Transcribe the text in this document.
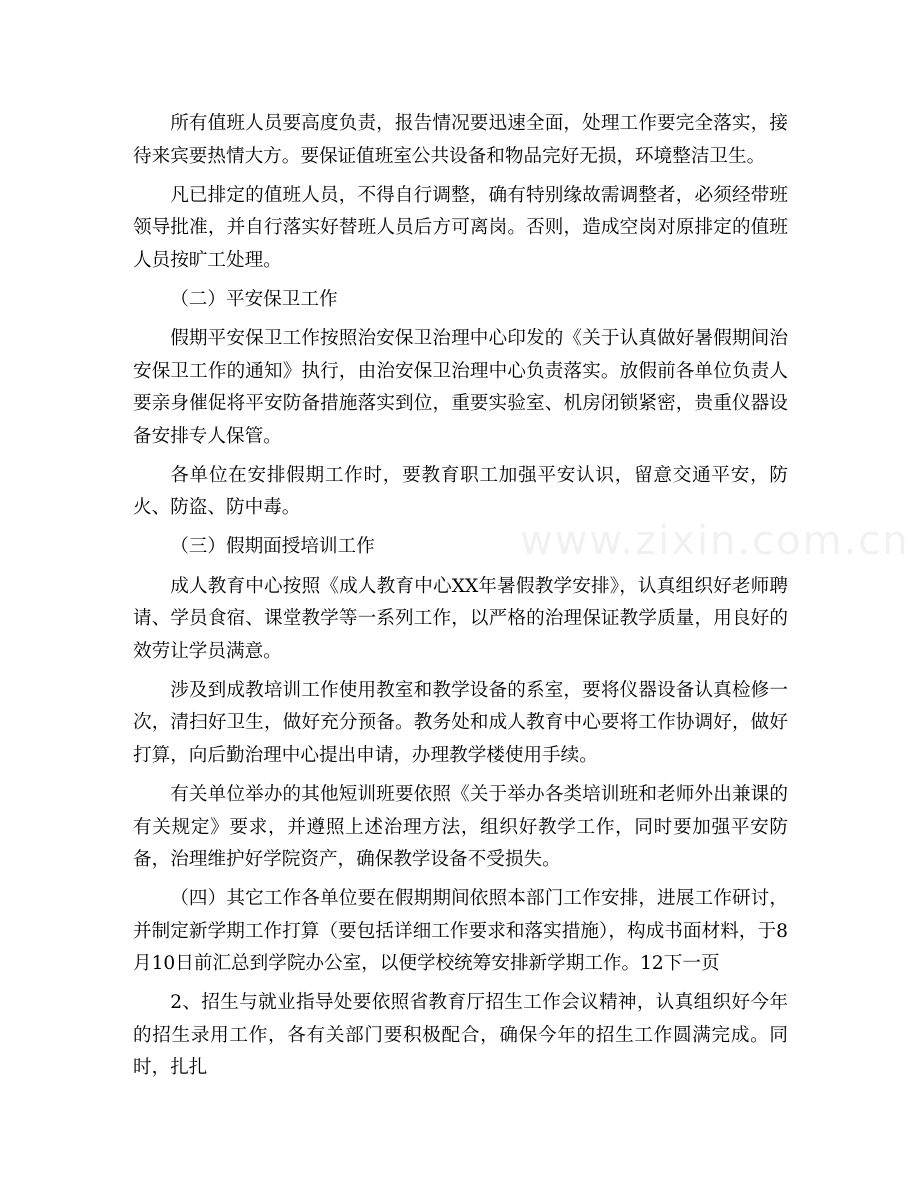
www.zixin.com.cn

所有值班人员要高度负责，报告情况要迅速全面，处理工作要完全落实，接待来宾要热情大方。要保证值班室公共设备和物品完好无损，环境整洁卫生。

凡已排定的值班人员，不得自行调整，确有特别缘故需调整者，必须经带班领导批准，并自行落实好替班人员后方可离岗。否则，造成空岗对原排定的值班人员按旷工处理。

（二）平安保卫工作

假期平安保卫工作按照治安保卫治理中心印发的《关于认真做好暑假期间治安保卫工作的通知》执行，由治安保卫治理中心负责落实。放假前各单位负责人要亲身催促将平安防备措施落实到位，重要实验室、机房闭锁紧密，贵重仪器设备安排专人保管。

各单位在安排假期工作时，要教育职工加强平安认识，留意交通平安，防火、防盗、防中毒。

（三）假期面授培训工作

成人教育中心按照《成人教育中心XX年暑假教学安排》，认真组织好老师聘请、学员食宿、课堂教学等一系列工作，以严格的治理保证教学质量，用良好的效劳让学员满意。

涉及到成教培训工作使用教室和教学设备的系室，要将仪器设备认真检修一次，清扫好卫生，做好充分预备。教务处和成人教育中心要将工作协调好，做好打算，向后勤治理中心提出申请，办理教学楼使用手续。

有关单位举办的其他短训班要依照《关于举办各类培训班和老师外出兼课的有关规定》要求，并遵照上述治理方法，组织好教学工作，同时要加强平安防备，治理维护好学院资产，确保教学设备不受损失。

（四）其它工作各单位要在假期期间依照本部门工作安排，进展工作研讨，并制定新学期工作打算（要包括详细工作要求和落实措施），构成书面材料，于8月10日前汇总到学院办公室，以便学校统筹安排新学期工作。12下一页

2、招生与就业指导处要依照省教育厅招生工作会议精神，认真组织好今年的招生录用工作，各有关部门要积极配合，确保今年的招生工作圆满完成。同时，扎扎
